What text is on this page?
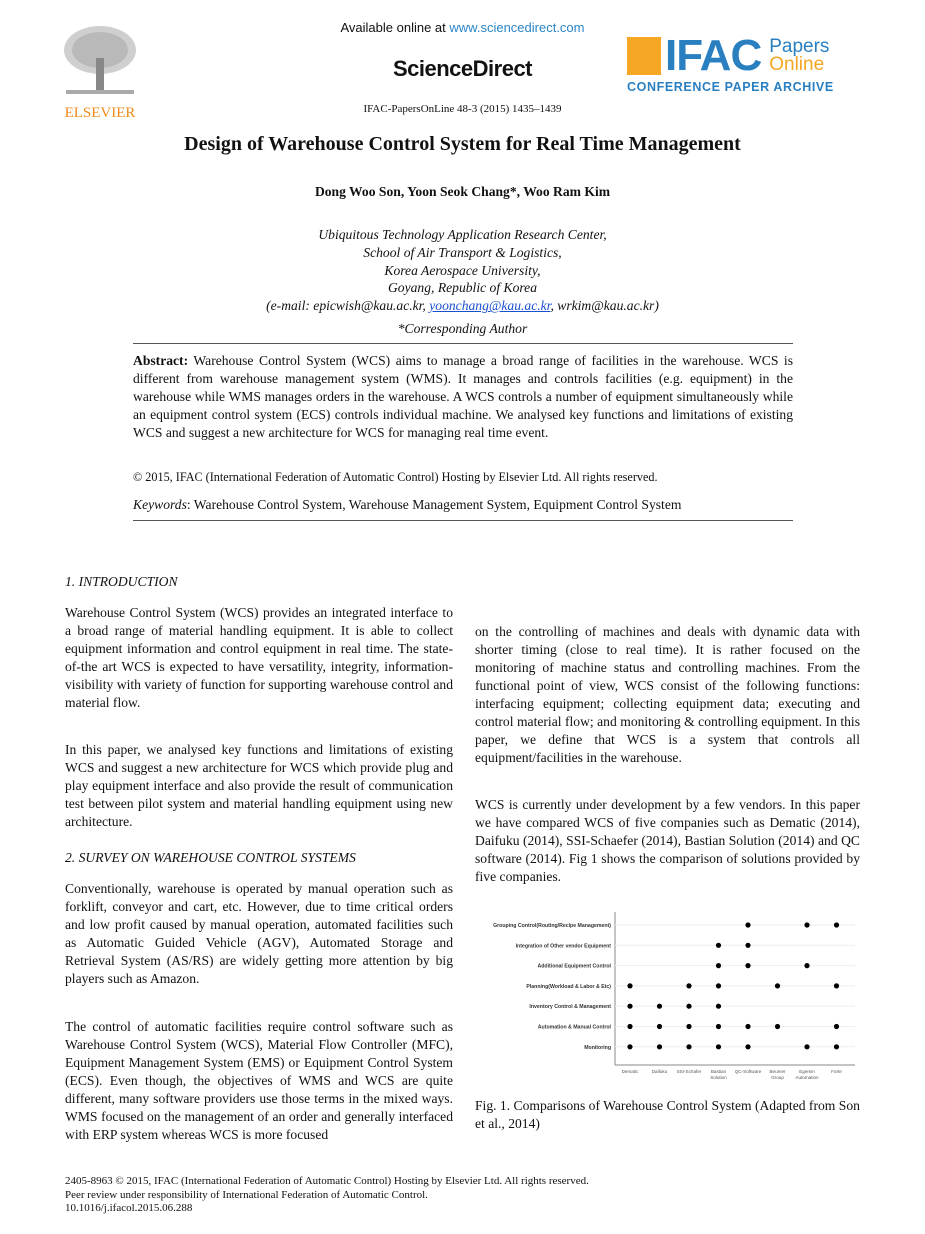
ELSEVIER
Available online at www.sciencedirect.com
ScienceDirect
IFAC-PapersOnLine 48-3 (2015) 1435–1439
IFAC Papers
Online
CONFERENCE PAPER ARCHIVE
Design of Warehouse Control System for Real Time Management
Dong Woo Son, Yoon Seok Chang*, Woo Ram Kim
Ubiquitous Technology Application Research Center,
School of Air Transport & Logistics,
Korea Aerospace University,
Goyang, Republic of Korea
(e-mail: epicwish@kau.ac.kr, yoonchang@kau.ac.kr, wrkim@kau.ac.kr)
*Corresponding Author

Abstract: Warehouse Control System (WCS) aims to manage a broad range of facilities in the warehouse. WCS is different from warehouse management system (WMS). It manages and controls facilities (e.g. equipment) in the warehouse while WMS manages orders in the warehouse. A WCS controls a number of equipment simultaneously while an equipment control system (ECS) controls individual machine. We analysed key functions and limitations of existing WCS and suggest a new architecture for WCS for managing real time event.

© 2015, IFAC (International Federation of Automatic Control) Hosting by Elsevier Ltd. All rights reserved.
Keywords: Warehouse Control System, Warehouse Management System, Equipment Control System
1. INTRODUCTION

Warehouse Control System (WCS) provides an integrated interface to a broad range of material handling equipment. It is able to collect equipment information and control equipment in real time. The state-of-the art WCS is expected to have versatility, integrity, information-visibility with variety of function for supporting warehouse control and material flow.

In this paper, we analysed key functions and limitations of existing WCS and suggest a new architecture for WCS which provide plug and play equipment interface and also provide the result of communication test between pilot system and material handling equipment using new architecture.

2. SURVEY ON WAREHOUSE CONTROL SYSTEMS

Conventionally, warehouse is operated by manual operation such as forklift, conveyor and cart, etc. However, due to time critical orders and low profit caused by manual operation, automated facilities such as Automatic Guided Vehicle (AGV), Automated Storage and Retrieval System (AS/RS) are widely getting more attention by big players such as Amazon.

The control of automatic facilities require control software such as Warehouse Control System (WCS), Material Flow Controller (MFC), Equipment Management System (EMS) or Equipment Control System (ECS). Even though, the objectives of WMS and WCS are quite different, many software providers use those terms in the mixed ways. WMS focused on the management of an order and generally interfaced with ERP system whereas WCS is more focused

on the controlling of machines and deals with dynamic data with shorter timing (close to real time). It is rather focused on the monitoring of machine status and controlling machines. From the functional point of view, WCS consist of the following functions: interfacing equipment; collecting equipment data; executing and control material flow; and monitoring & controlling equipment. In this paper, we define that WCS is a system that controls all equipment/facilities in the warehouse.

WCS is currently under development by a few vendors. In this paper we have compared WCS of five companies such as Dematic (2014), Daifuku (2014), SSI-Schaefer (2014), Bastian Solution (2014) and QC software (2014). Fig 1 shows the comparison of solutions provided by five companies.

Grouping Control(Routing/Recipe Management)
Integration of Other vendor Equipment
Additional Equipment Control
Planning(Workload & Labor & Etc)
Inventory Control & Management
Automation & Manual Control
Monitoring
Dematic	Daifuku SSI-Schafer Bastian
Solution
QC-Software Beumer
Group
Egemin
Automation
Forte

Fig. 1. Comparisons of Warehouse Control System (Adapted from Son et al., 2014)

2405-8963 © 2015, IFAC (International Federation of Automatic Control) Hosting by Elsevier Ltd. All rights reserved.
Peer review under responsibility of International Federation of Automatic Control.
10.1016/j.ifacol.2015.06.288
